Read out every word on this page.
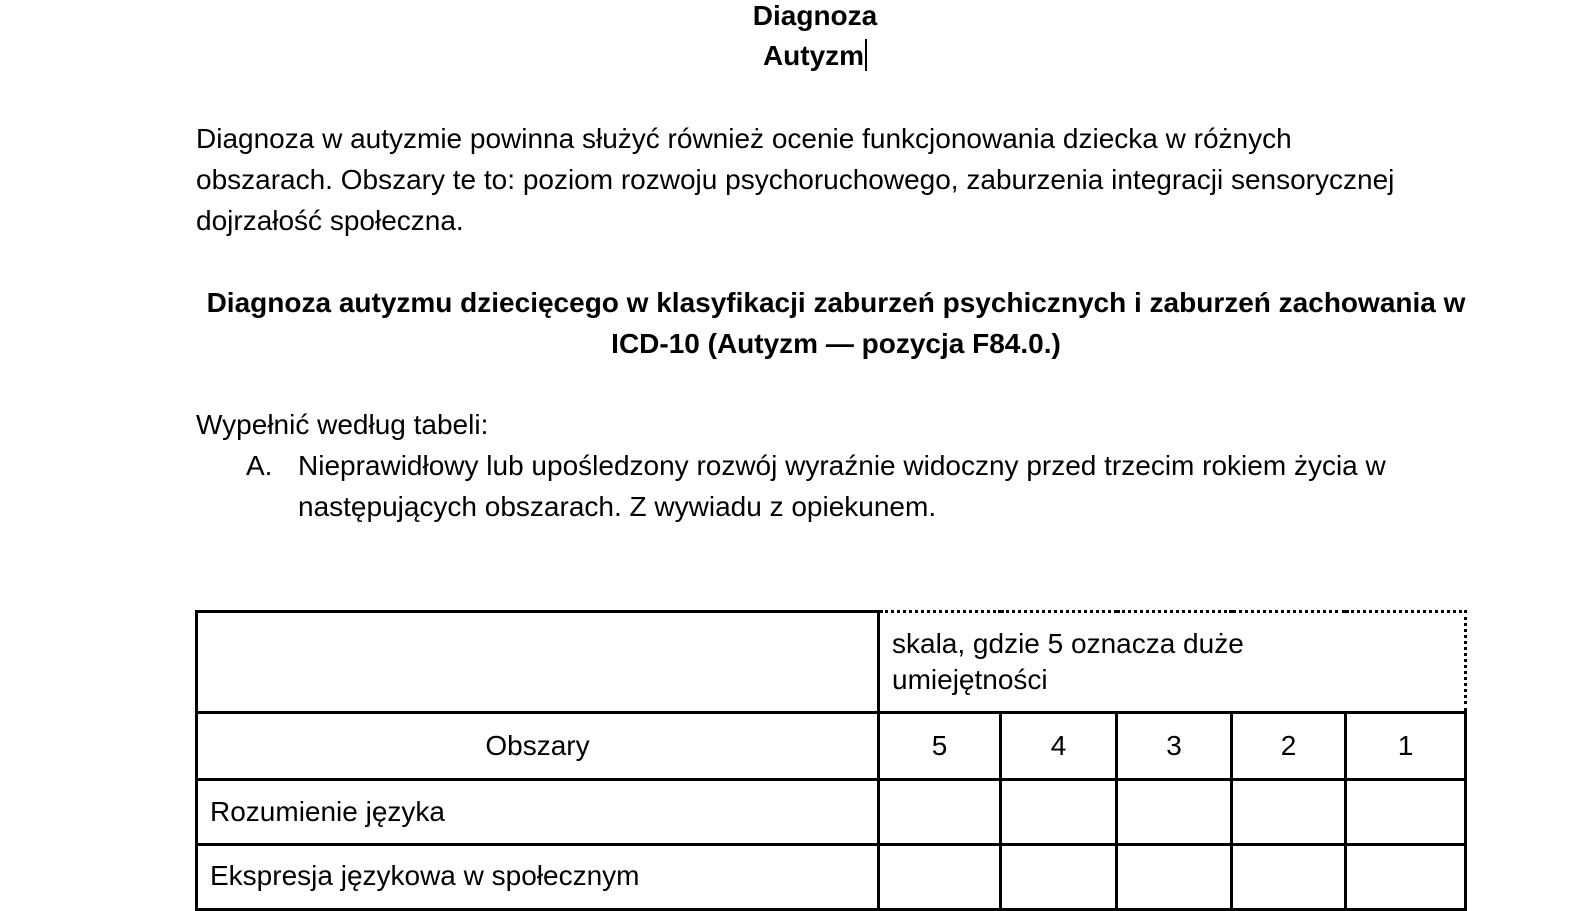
Diagnoza
Autyzm

Diagnoza w autyzmie powinna służyć również ocenie funkcjonowania dziecka w różnych obszarach. Obszary te to: poziom rozwoju psychoruchowego, zaburzenia integracji sensorycznej dojrzałość społeczna.

Diagnoza autyzmu dziecięcego w klasyfikacji zaburzeń psychicznych i zaburzeń zachowania w ICD-10 (Autyzm — pozycja F84.0.)

Wypełnić według tabeli:

A. Nieprawidłowy lub upośledzony rozwój wyraźnie widoczny przed trzecim rokiem życia w następujących obszarach. Z wywiadu z opiekunem.

	skala, gdzie 5 oznacza duże umiejętności				

Obszary	5	4	3	2	1
Rozumienie języka					
Ekspresja językowa w społecznym					
